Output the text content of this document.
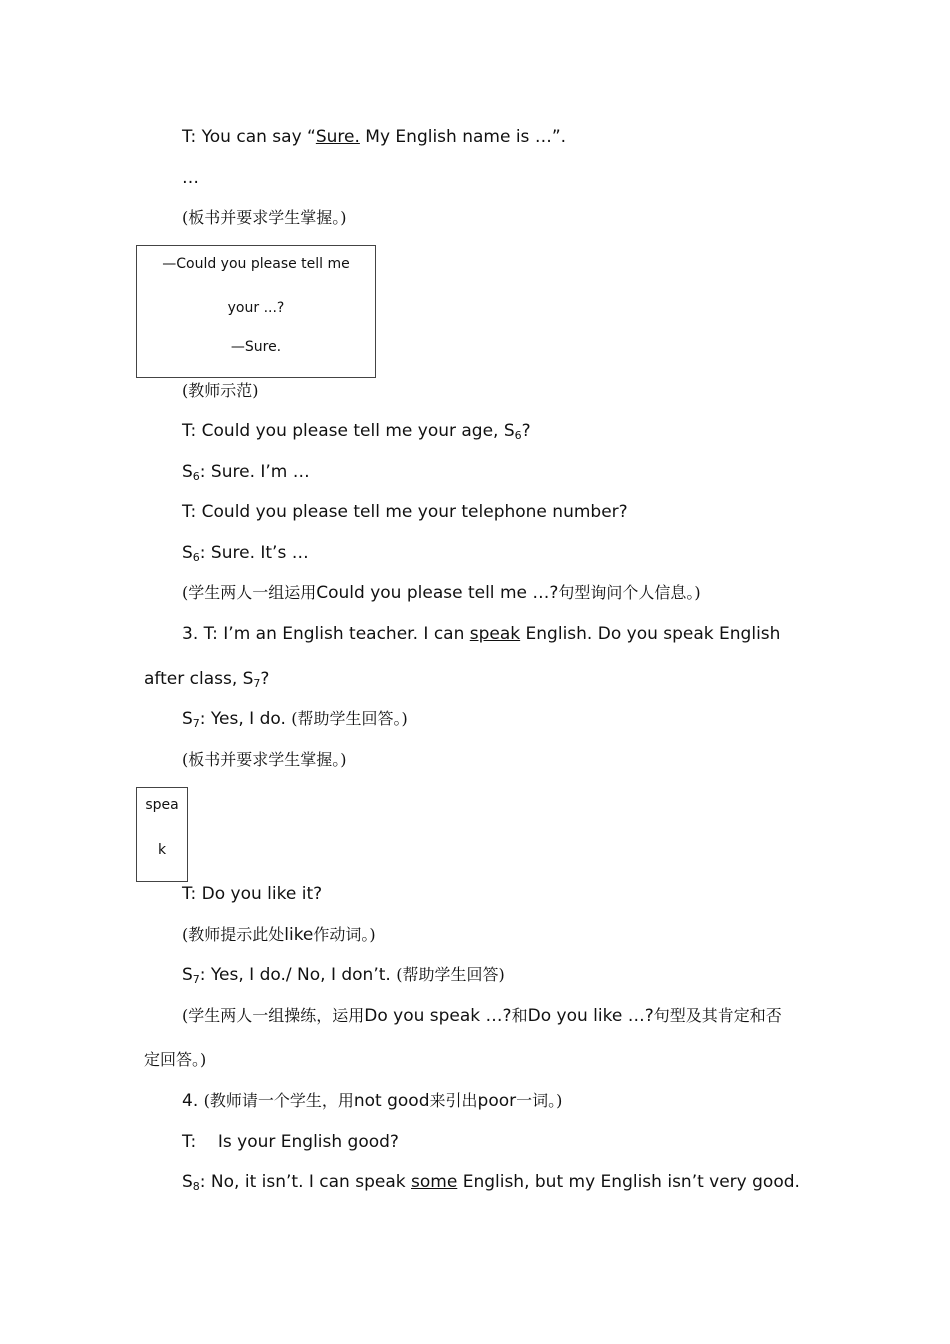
T: You can say “Sure. My English name is …”.
…
(板书并要求学生掌握。)
—Could you please tell me
your ...?
—Sure.
(教师示范)
T: Could you please tell me your age, $S_6$?
$S_6$: Sure. I’m …
T: Could you please tell me your telephone number?
$S_6$: Sure. It’s …
(学生两人一组运用Could you please tell me …?句型询问个人信息。)
3. T: I’m an English teacher. I can speak English. Do you speak English
after class, $S_7$?
$S_7$: Yes, I do. (帮助学生回答。)
(板书并要求学生掌握。)
spea
k
T: Do you like it?
(教师提示此处like作动词。)
$S_7$: Yes, I do./ No, I don’t. (帮助学生回答)
(学生两人一组操练，运用Do you speak …?和Do you like …?句型及其肯定和否
定回答。)
4. (教师请一个学生，用not good来引出poor一词。)
T:    Is your English good?
$S_8$: No, it isn’t. I can speak some English, but my English isn’t very good.
